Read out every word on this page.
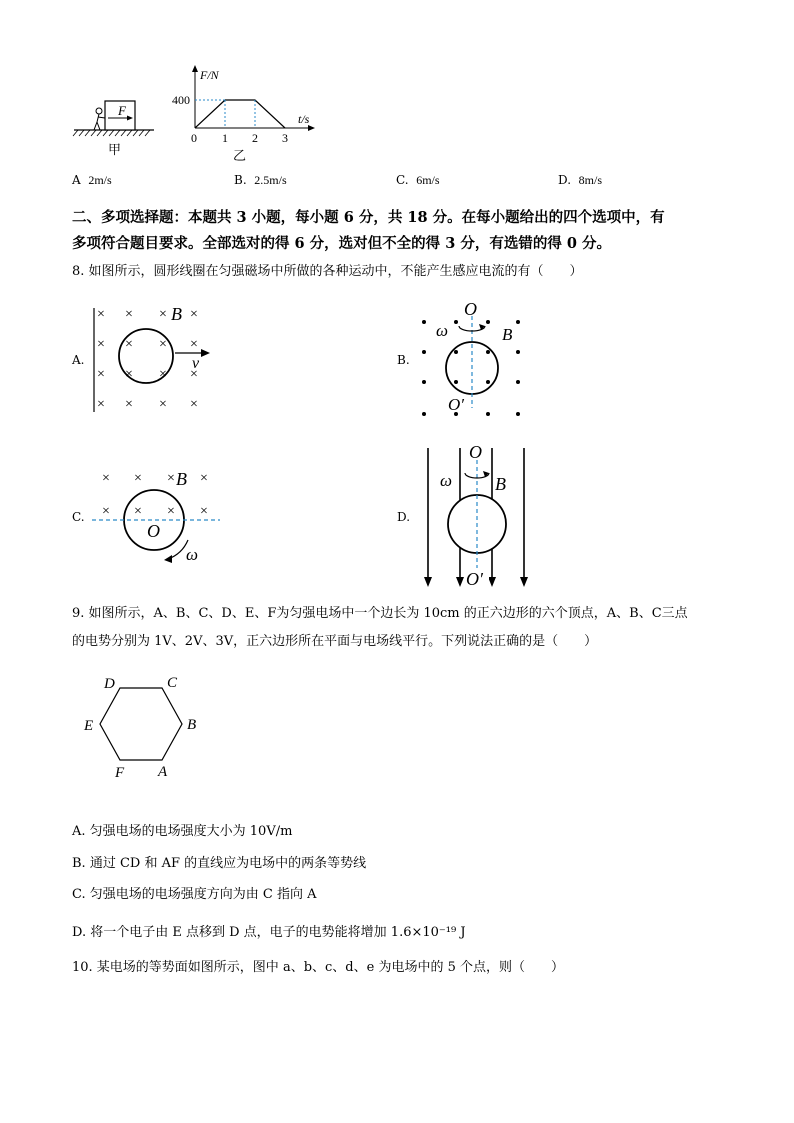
F
甲
F/N
t/s
400
0 1 2 3
乙
A 2m/s	B. 2.5m/s	C. 6m/s	D. 8m/s
二、多项选择题：本题共 3 小题，每小题 6 分，共 18 分。在每小题给出的四个选项中，有
多项符合题目要求。全部选对的得 6 分，选对但不全的得 3 分，有选错的得 0 分。
8. 如图所示，圆形线圈在匀强磁场中所做的各种运动中，不能产生感应电流的有（　　）
A.
× × × ×
× × × ×
× × × ×
× × × ×
B
v	B.
O
O′
ω	B
C.
× × × ×
× × × ×
B
O
ω
D.
O
O′
ω B
9. 如图所示，A、B、C、D、E、F为匀强电场中一个边长为 10cm 的正六边形的六个顶点，A、B、C三点
的电势分别为 1V、2V、3V，正六边形所在平面与电场线平行。下列说法正确的是（　　）
D	C
E	B
F A
A. 匀强电场的电场强度大小为 10V/m
B. 通过 CD 和 AF 的直线应为电场中的两条等势线
C. 匀强电场的电场强度方向为由 C 指向 A
D. 将一个电子由 E 点移到 D 点，电子的电势能将增加 1.6×10⁻¹⁹ J
10. 某电场的等势面如图所示，图中 a、b、c、d、e 为电场中的 5 个点，则（　　）
